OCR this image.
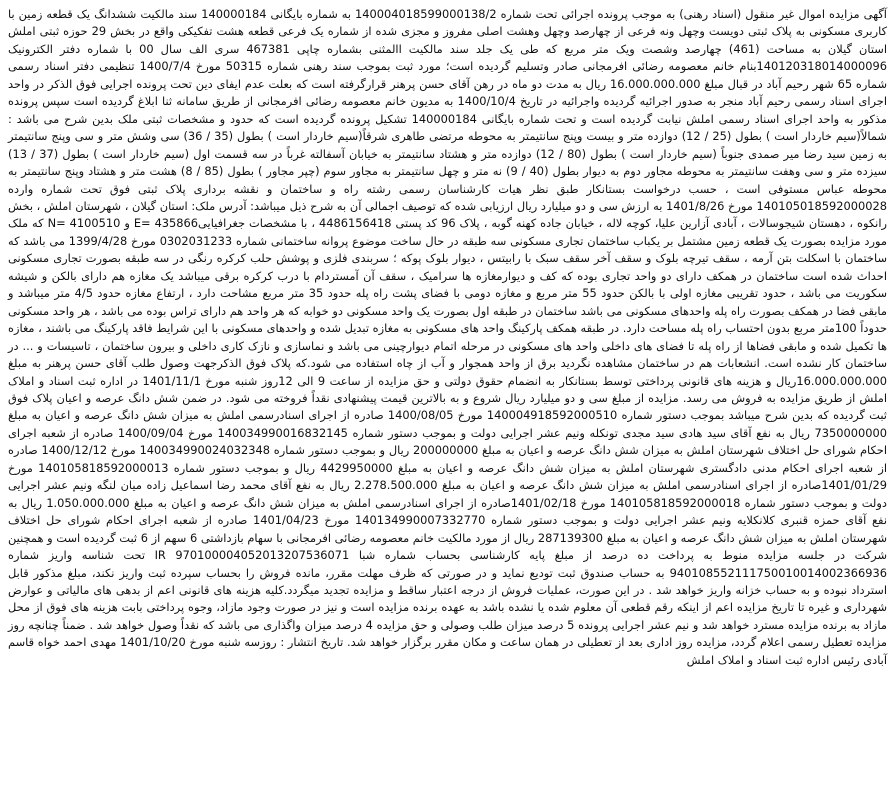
آگهی مزایده اموال غیر منقول (اسناد رهنی) به موجب پرونده اجرائی تحت شماره 140004018599000138/2 به شماره بایگانی 140000184 سند مالکیت ششدانگ یک قطعه زمین با کاربری مسکونی به پلاک ثبتی دویست وچهل ونه فرعی از چهارصد وچهل وهشت اصلی مفروز و مجزی شده از شماره یک فرعی قطعه هشت تفکیکی واقع در بخش 29 حوزه ثبتی املش استان گیلان به مساحت (461) چهارصد وشصت ویک متر مربع که طی یک جلد سند مالکیت االمثنی بشماره چاپی 467381 سری الف سال 00 با شماره دفتر الکترونیک 140120318014000096بنام خانم معصومه رضائی افرمجانی صادر وتسلیم گردیده است؛ مورد ثبت بموجب سند رهنی شماره 50315 مورخ 1400/7/4 تنظیمی دفتر اسناد رسمی شماره 65 شهر رحیم آباد در قبال مبلغ 16.000.000.000 ریال به مدت دو ماه در رهن آقای حسن پرهنر قرارگرفته است که بعلت عدم ایفای دین تحت پرونده اجرایی فوق الذکر در واحد اجرای اسناد رسمی رحیم آباد منجر به صدور اجرائیه گردیده واجرائیه در تاریخ 1400/10/4 به مدیون خانم معصومه رضائی افرمجانی از طریق سامانه ثنا ابلاغ گردیده است سپس پرونده مذکور به واحد اجرای اسناد رسمی املش نیابت گردیده است و تحت شماره بایگانی 140000184 تشکیل پرونده گردیده است که حدود و مشخصات ثبتی ملک بدین شرح می باشد : شمالاً(سیم خاردار است ) بطول (25 / 12) دوازده متر و بیست وپنج سانتیمتر به محوطه مرتضی طاهری شرقاً(سیم خاردار است ) بطول (35 / 36) سی وشش متر و سی وپنج سانتیمتر به زمین سید رضا میر صمدی جنوباً (سیم خاردار است ) بطول (80 / 12) دوازده متر و هشتاد سانتیمتر به خیابان آسفالته غرباً در سه قسمت اول (سیم خاردار است ) بطول (37 / 13) سیزده متر و سی وهفت سانتیمتر به محوطه مجاور دوم به دیوار بطول (40 / 9) نه متر و چهل سانتیمتر به مجاور سوم (چپر مجاور ) بطول (85 / 8) هشت متر و هشتاد وپنج سانتیمتر به محوطه عباس مستوفی است ، حسب درخواست بستانکار طبق نظر هیات کارشناسان رسمی رشته راه و ساختمان و نقشه برداری پلاک ثبتی فوق تحت شماره وارده 140105018592000028 مورخ 1401/8/26 به ارزش سی و دو میلیارد ریال ارزیابی شده که توصیف اجمالی آن به شرح ذیل میباشد: آدرس ملک: استان گیلان ، شهرستان املش ، بخش رانکوه ، دهستان شیجوسالات ، آبادی آزارین علیا، کوچه لاله ، خیابان جاده کهنه گوبه ، پلاک 96 کد پستی 4486156418 ، با مشخصات جغرافیایی435866 =E و 4100510 =N که ملک مورد مزایده بصورت یک قطعه زمین مشتمل بر یکباب ساختمان تجاری مسکونی سه طبقه در حال ساخت موضوع پروانه ساختمانی شماره 0302031233 مورخ 1399/4/28 می باشد که ساختمان با اسکلت بتن آرمه ، سقف تیرچه بلوک و سقف آخر سقف سبک با رابیتس ، دیوار بلوک پوکه ؛ سربندی فلزی و پوشش حلب کرکره رنگی در سه طبقه بصورت تجاری مسکونی احداث شده است ساختمان در همکف دارای دو واحد تجاری بوده که کف و دیوارمغازه ها سرامیک ، سقف آن آمستردام با درب کرکره برقی میباشد یک مغازه هم دارای بالکن و شیشه سکوریت می باشد ، حدود تقریبی مغازه اولی با بالکن حدود 55 متر مربع و مغازه دومی با فضای پشت راه پله حدود 35 متر مربع مشاحت دارد ، ارتفاع مغازه حدود 4/5 متر میباشد و مابقی فضا در همکف بصورت راه پله واحدهای مسکونی می باشد ساختمان در طبقه اول بصورت یک واحد مسکونی دو خوابه که هر واحد هم دارای تراس بوده می باشد ، هر واحد مسکونی حدوداً 100متر مربع بدون احتساب راه پله مساحت دارد. در طبقه همکف پارکینگ واحد های مسکونی به مغازه تبدیل شده و واحدهای مسکونی با این شرایط فاقد پارکینگ می باشند ، مغازه ها تکمیل شده و مابقی فضاها از راه پله تا فضای های داخلی واحد های مسکونی در مرحله اتمام دیوارچینی می باشد و نماسازی و نازک کاری داخلی و بیرون ساختمان ، تاسیسات و ... در ساختمان کار نشده است. انشعابات هم در ساختمان مشاهده نگردید برق از واحد همجوار و آب از چاه استفاده می شود.که پلاک فوق الذکرجهت وصول طلب آقای حسن پرهنر به مبلغ 16.000.000.000ریال و هزینه های قانونی پرداختی توسط بستانکار به انضمام حقوق دولتی و حق مزایده از ساعت 9 الی 12روز شنبه مورخ 1401/11/1 در اداره ثبت اسناد و املاک املش از طریق مزایده به فروش می رسد. مزایده از مبلغ سی و دو میلیارد ریال شروع و به بالاترین قیمت پیشنهادی نقداً فروخته می شود. در ضمن شش دانگ عرصه و اعیان پلاک فوق ثبت گردیده که بدین شرح میباشد بموجب دستور شماره 140004918592000510 مورخ 1400/08/05 صادره از اجرای اسنادرسمی املش به میزان شش دانگ عرصه و اعیان به مبلغ 7350000000 ریال به نفع آقای سید هادی سید مجدی تونکله ونیم عشر اجرایی دولت و بموجب دستور شماره 140034990016832145 مورخ 1400/09/04 صادره از شعبه اجرای احکام شورای حل اختلاف شهرستان املش به میزان شش دانگ عرصه و اعیان به مبلغ 200000000 ریال و بموجب دستور شماره 140034990024032348 مورخ 1400/12/12 صادره از شعبه اجرای احکام مدنی دادگستری شهرستان املش به میزان شش دانگ عرصه و اعیان به مبلغ 4429950000 ریال و بموجب دستور شماره 140105818592000013 مورخ 1401/01/29صادره از اجرای اسنادرسمی املش به میزان شش دانگ عرصه و اعیان به مبلغ 2.278.500.000 ریال به نفع آقای محمد رضا اسماعیل زاده میان لنگه ونیم عشر اجرایی دولت و بموجب دستور شماره 140105818592000018 مورخ 1401/02/18صادره از اجرای اسنادرسمی املش به میزان شش دانگ عرصه و اعیان به مبلغ 1.050.000.000 ریال به نفع آقای حمزه قنبری کلانکلایه ونیم عشر اجرایی دولت و بموجب دستور شماره 140134990007332770 مورخ 1401/04/23 صادره از شعبه اجرای احکام شورای حل اختلاف شهرستان املش به میزان شش دانگ عرصه و اعیان به مبلغ 287139300 ریال از مورد مالکیت خانم معصومه رضائی افرمجانی با سهام بازداشتی 6 سهم از 6 ثبت گردیده است و همچنین شرکت در جلسه مزایده منوط به پرداخت ده درصد از مبلغ پایه کارشناسی بحساب شماره شبا IR 970100004052013207536071 تحت شناسه واریز شماره 940108552111750010014002366936 به حساب صندوق ثبت تودیع نماید و در صورتی که ظرف مهلت مقرر، مانده فروش را بحساب سپرده ثبت واریز نکند، مبلغ مذکور قابل استرداد نبوده و به حساب خزانه واریز خواهد شد . در این صورت، عملیات فروش از درجه اعتبار ساقط و مزایده تجدید میگردد.کلیه هزینه های قانونی اعم از بدهی های مالیاتی و عوارض شهرداری و غیره تا تاریخ مزایده اعم از اینکه رقم قطعی آن معلوم شده یا نشده باشد به عهده برنده مزایده است و نیز در صورت وجود مازاد، وجوه پرداختی بابت هزینه های فوق از محل مازاد به برنده مزایده مسترد خواهد شد و نیم عشر اجرایی پرونده 5 درصد میزان طلب وصولی و حق مزایده 4 درصد میزان واگذاری می باشد که نقداً وصول خواهد شد . ضمناً چنانچه روز مزایده تعطیل رسمی اعلام گردد، مزایده روز اداری بعد از تعطیلی در همان ساعت و مکان مقرر برگزار خواهد شد. تاریخ انتشار : روزسه شنبه مورخ 1401/10/20 مهدی احمد خواه قاسم آبادی رئیس اداره ثبت اسناد و املاک املش
